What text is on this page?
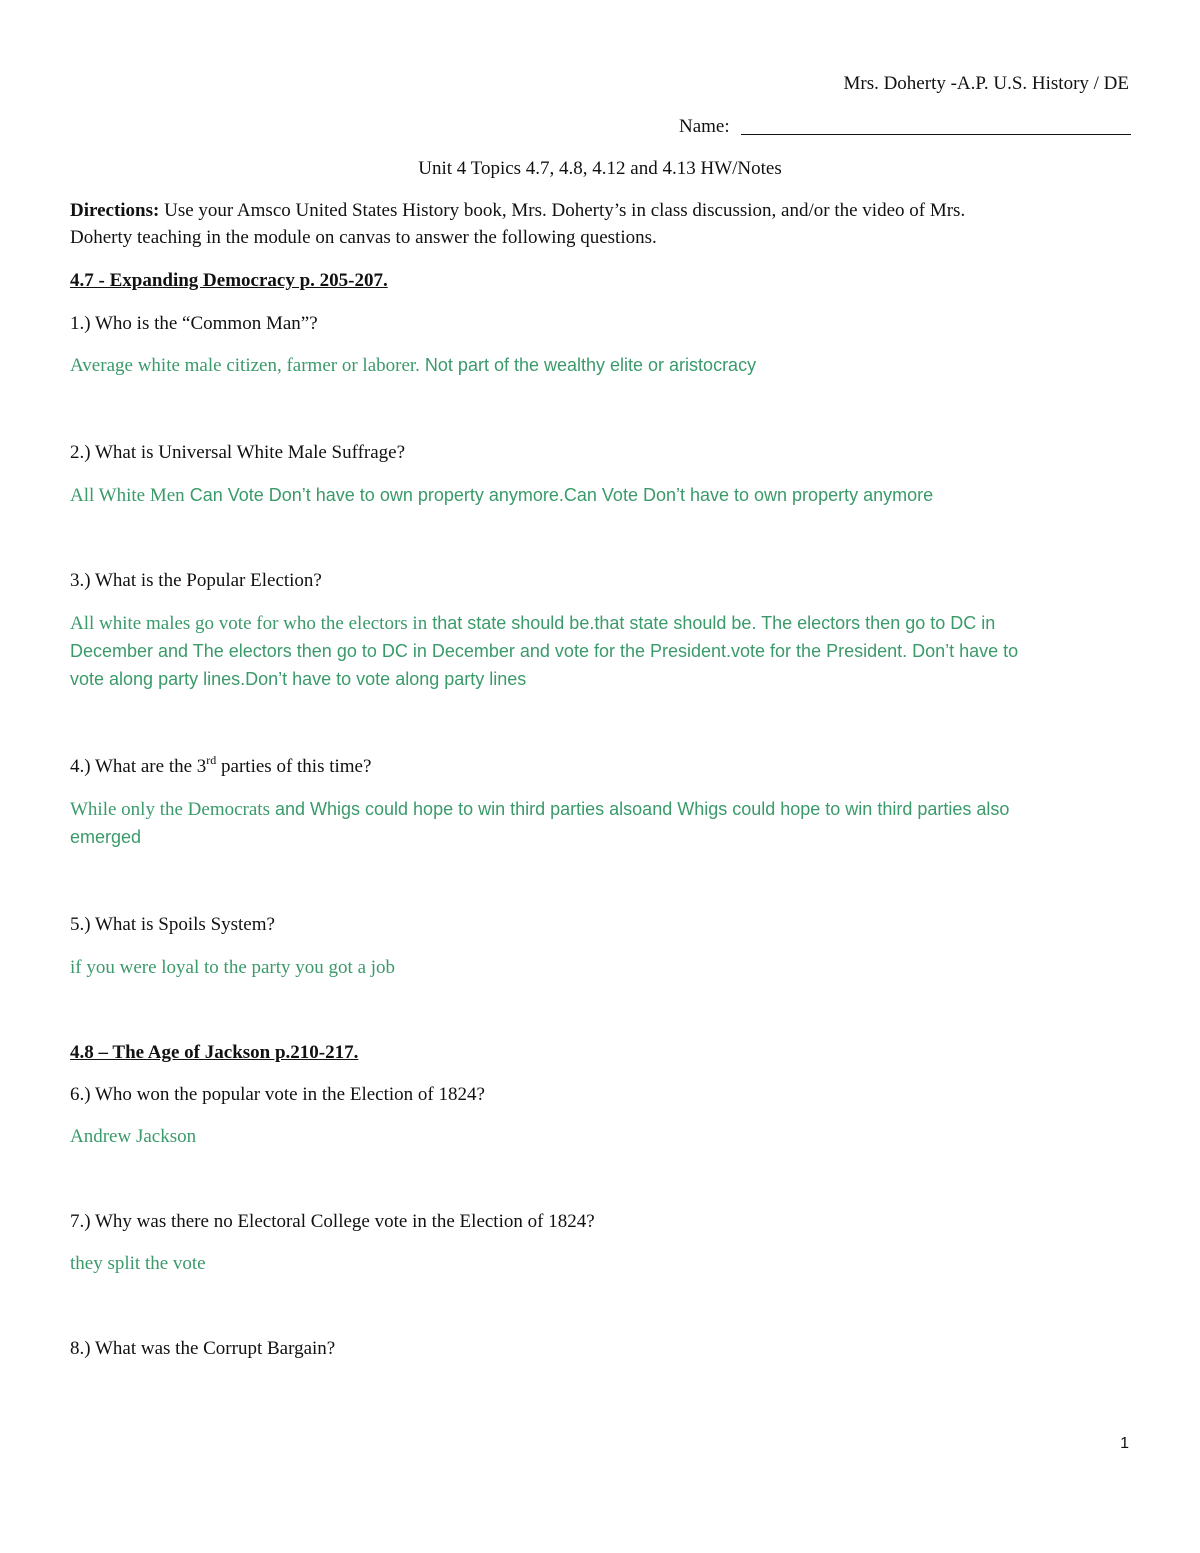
Mrs. Doherty -A.P. U.S. History / DE
Name:
Unit 4 Topics 4.7, 4.8, 4.12 and 4.13 HW/Notes
Directions: Use your Amsco United States History book, Mrs. Doherty’s in class discussion, and/or the video of Mrs.
Doherty teaching in the module on canvas to answer the following questions.
4.7 - Expanding Democracy p. 205-207.
1.) Who is the “Common Man”?
Average white male citizen, farmer or laborer. Not part of the wealthy elite or aristocracy
2.) What is Universal White Male Suffrage?
All White Men Can Vote Don’t have to own property anymore.Can Vote Don’t have to own property anymore
3.) What is the Popular Election?
All white males go vote for who the electors in that state should be.that state should be. The electors then go to DC in
December and The electors then go to DC in December and vote for the President.vote for the President. Don’t have to
vote along party lines.Don’t have to vote along party lines
4.) What are the 3rd parties of this time?
While only the Democrats and Whigs could hope to win third parties alsoand Whigs could hope to win third parties also
emerged
5.) What is Spoils System?
if you were loyal to the party you got a job
4.8 – The Age of Jackson p.210-217.
6.) Who won the popular vote in the Election of 1824?
Andrew Jackson
7.) Why was there no Electoral College vote in the Election of 1824?
they split the vote
8.) What was the Corrupt Bargain?
1
